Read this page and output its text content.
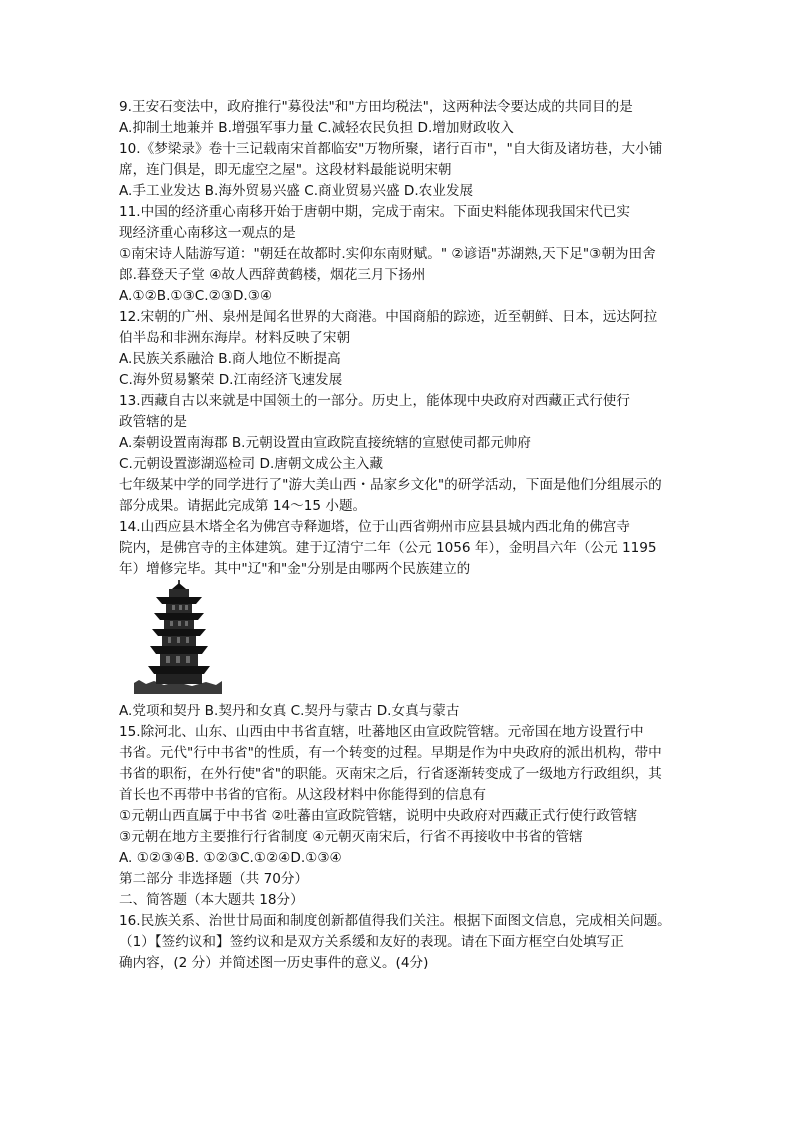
9.王安石变法中，政府推行"募役法"和"方田均税法"，这两种法令要达成的共同目的是
A.抑制土地兼并 B.增强军事力量 C.减轻农民负担 D.增加财政收入
10.《梦梁录》卷十三记载南宋首都临安"万物所聚，诸行百市"，"自大街及诸坊巷，大小铺
席，连门俱是，即无虚空之屋"。这段材料最能说明宋朝
A.手工业发达 B.海外贸易兴盛 C.商业贸易兴盛 D.农业发展
11.中国的经济重心南移开始于唐朝中期，完成于南宋。下面史料能体现我国宋代已实
现经济重心南移这一观点的是
①南宋诗人陆游写道："朝廷在故都时.实仰东南财赋。" ②谚语"苏湖熟,天下足"③朝为田舍
郎.暮登天子堂 ④故人西辞黄鹤楼，烟花三月下扬州
A.①②B.①③C.②③D.③④
12.宋朝的广州、泉州是闻名世界的大商港。中国商船的踪迹，近至朝鲜、日本，远达阿拉
伯半岛和非洲东海岸。材料反映了宋朝
A.民族关系融洽 B.商人地位不断提高
C.海外贸易繁荣 D.江南经济飞速发展
13.西藏自古以来就是中国领土的一部分。历史上，能体现中央政府对西藏正式行使行
政管辖的是
A.秦朝设置南海郡 B.元朝设置由宣政院直接统辖的宣慰使司都元帅府
C.元朝设置澎湖巡检司 D.唐朝文成公主入藏
七年级某中学的同学进行了"游大美山西・品家乡文化"的研学活动，下面是他们分组展示的
部分成果。请据此完成第 14～15 小题。
14.山西应县木塔全名为佛宫寺释迦塔，位于山西省朔州市应县县城内西北角的佛宫寺
院内，是佛宫寺的主体建筑。建于辽清宁二年（公元 1056 年），金明昌六年（公元 1195
年）增修完毕。其中"辽"和"金"分别是由哪两个民族建立的
A.党项和契丹 B.契丹和女真 C.契丹与蒙古 D.女真与蒙古
15.除河北、山东、山西由中书省直辖，吐蕃地区由宣政院管辖。元帝国在地方设置行中
书省。元代"行中书省"的性质，有一个转变的过程。早期是作为中央政府的派出机构，带中
书省的职衔，在外行使"省"的职能。灭南宋之后，行省逐渐转变成了一级地方行政组织，其
首长也不再带中书省的官衔。从这段材料中你能得到的信息有
①元朝山西直属于中书省 ②吐蕃由宣政院管辖，说明中央政府对西藏正式行使行政管辖
③元朝在地方主要推行行省制度 ④元朝灭南宋后，行省不再接收中书省的管辖
A. ①②③④B. ①②③C.①②④D.①③④
第二部分 非选择题（共 70分）
二、简答题（本大题共 18分）
16.民族关系、治世廿局面和制度创新都值得我们关注。根据下面图文信息，完成相关问题。
（1）【签约议和】签约议和是双方关系缓和友好的表现。请在下面方框空白处填写正
确内容，(2 分）并简述图一历史事件的意义。(4分)
